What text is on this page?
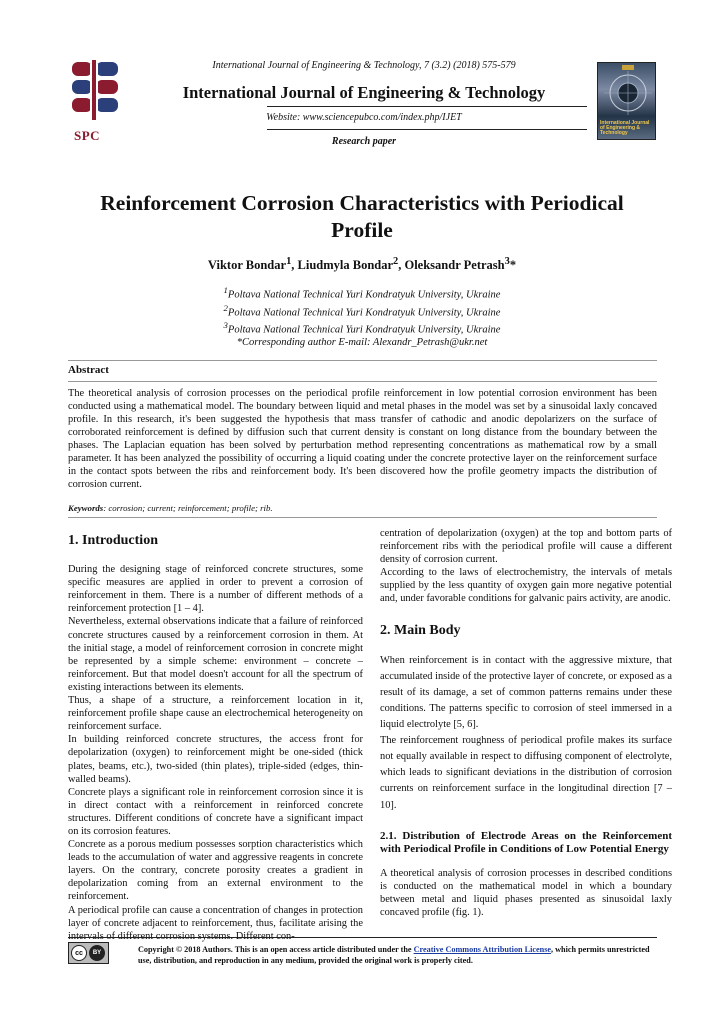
SPC
International Journal of Engineering & Technology, 7 (3.2) (2018) 575-579
International Journal of Engineering & Technology
Website: www.sciencepubco.com/index.php/IJET
Research paper
International Journal of Engineering & Technology
Reinforcement Corrosion Characteristics with Periodical Profile
Viktor Bondar$^1$, Liudmyla Bondar$^2$, Oleksandr Petrash$^3$*
$^1$Poltava National Technical Yuri Kondratyuk University, Ukraine
$^2$Poltava National Technical Yuri Kondratyuk University, Ukraine
$^3$Poltava National Technical Yuri Kondratyuk University, Ukraine
*Corresponding author E-mail: Alexandr_Petrash@ukr.net
Abstract
The theoretical analysis of corrosion processes on the periodical profile reinforcement in low potential corrosion environment has been conducted using a mathematical model. The boundary between liquid and metal phases in the model was set by a sinusoidal laxly concaved profile. In this research, it's been suggested the hypothesis that mass transfer of cathodic and anodic depolarizers on the surface of corroborated reinforcement is defined by diffusion such that current density is constant on long distance from the boundary between the phases. The Laplacian equation has been solved by perturbation method representing concentrations as mathematical row by a small parameter. It has been analyzed the possibility of occurring a liquid coating under the concrete protective layer on the reinforcement surface in the contact spots between the ribs and reinforcement body. It's been discovered how the profile geometry impacts the distribution of corrosion current.
Keywords: corrosion; current; reinforcement; profile; rib.
1. Introduction

During the designing stage of reinforced concrete structures, some specific measures are applied in order to prevent a corrosion of reinforcement in them. There is a number of different methods of a reinforcement protection [1 – 4].

Nevertheless, external observations indicate that a failure of reinforced concrete structures caused by a reinforcement corrosion in them. At the initial stage, a model of reinforcement corrosion in concrete might be represented by a simple scheme: environment – concrete – reinforcement. But that model doesn't account for all the spectrum of existing interactions between its elements.

Thus, a shape of a structure, a reinforcement location in it, reinforcement profile shape cause an electrochemical heterogeneity on reinforcement surface.

In building reinforced concrete structures, the access front for depolarization (oxygen) to reinforcement might be one-sided (thick plates, beams, etc.), two-sided (thin plates), triple-sided (edges, thin-walled beams).

Concrete plays a significant role in reinforcement corrosion since it is in direct contact with a reinforcement in reinforced concrete structures. Different conditions of concrete have a significant impact on its corrosion features.

Concrete as a porous medium possesses sorption characteristics which leads to the accumulation of water and aggressive reagents in concrete layers. On the contrary, concrete porosity creates a gradient in depolarization coming from an external environment to the reinforcement.

A periodical profile can cause a concentration of changes in protection layer of concrete adjacent to reinforcement, thus, facilitate arising the

centration of depolarization (oxygen) at the top and bottom parts of reinforcement ribs with the periodical profile will cause a different density of corrosion current.

According to the laws of electrochemistry, the intervals of metals supplied by the less quantity of oxygen gain more negative potential and, under favorable conditions for galvanic pairs activity, are anodic.

2. Main Body

When reinforcement is in contact with the aggressive mixture, that accumulated inside of the protective layer of concrete, or exposed as a result of its damage, a set of common patterns remains under these conditions. The patterns specific to corrosion of steel immersed in a liquid electrolyte [5, 6].

The reinforcement roughness of periodical profile makes its surface not equally available in respect to diffusing component of electrolyte, which leads to significant deviations in the distribution of corrosion currents on reinforcement surface in the longitudinal direction [7 – 10].

2.1. Distribution of Electrode Areas on the Reinforcement with Periodical Profile in Conditions of Low Potential Energy

A theoretical analysis of corrosion processes in described conditions is conducted on the mathematical model in which a boundary between metal and liquid phases presented as sinusoidal laxly concaved profile (fig. 1).

cc	BY	Copyright © 2018 Authors. This is an open access article distributed under the Creative Commons Attribution License, which permits unrestricted use, distribution, and reproduction in any medium, provided the original work is properly cited.
